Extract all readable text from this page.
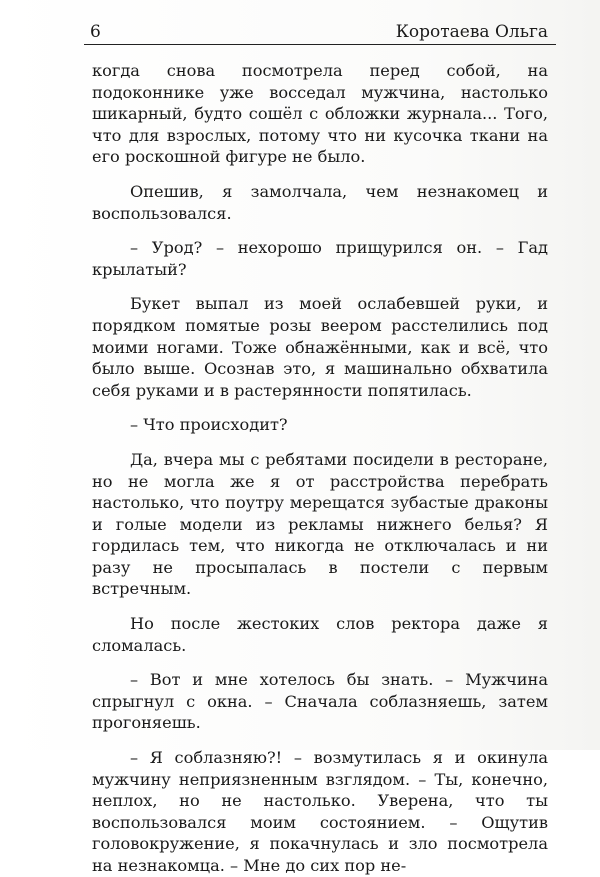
6	Коротаева Ольга

когда снова посмотрела перед собой, на подоконнике уже восседал мужчина, настолько шикарный, будто сошёл с обложки журнала... Того, что для взрослых, потому что ни кусочка ткани на его роскошной фигуре не было.

Опешив, я замолчала, чем незнакомец и воспользовался.

– Урод? – нехорошо прищурился он. – Гад крылатый?

Букет выпал из моей ослабевшей руки, и порядком помятые розы веером расстелились под моими ногами. Тоже обнажёнными, как и всё, что было выше. Осознав это, я машинально обхватила себя руками и в растерянности попятилась.

– Что происходит?

Да, вчера мы с ребятами посидели в ресторане, но не могла же я от расстройства перебрать настолько, что поутру мерещатся зубастые драконы и голые модели из рекламы нижнего белья? Я гордилась тем, что никогда не отключалась и ни разу не просыпалась в постели с первым встречным.

Но после жестоких слов ректора даже я сломалась.

– Вот и мне хотелось бы знать. – Мужчина спрыгнул с окна. – Сначала соблазняешь, затем прогоняешь.

– Я соблазняю?! – возмутилась я и окинула мужчину неприязненным взглядом. – Ты, конечно, неплох, но не настолько. Уверена, что ты воспользовался моим состоянием. – Ощутив головокружение, я покачнулась и зло посмотрела на незнакомца. – Мне до сих пор не-
